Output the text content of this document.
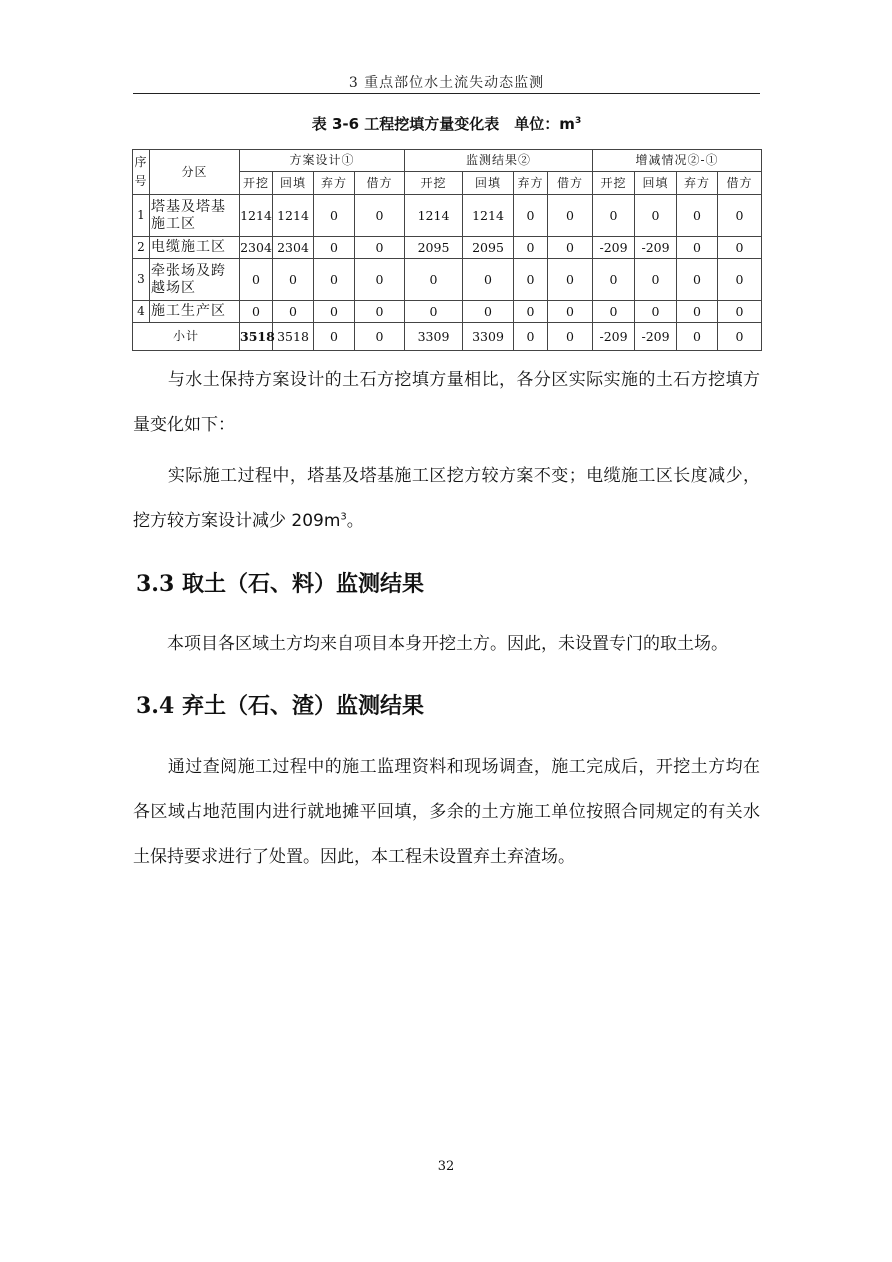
3 重点部位水土流失动态监测
表 3-6 工程挖填方量变化表　单位：$m^3$
序号	分区	方案设计①				监测结果②				增减情况②-①			
		开挖	回填	弃方	借方	开挖	回填	弃方	借方	开挖	回填	弃方	借方
1	塔基及塔基施工区	1214	1214	0	0	1214	1214	0	0	0	0	0	0
2	电缆施工区	2304	2304	0	0	2095	2095	0	0	-209	-209	0	0
3	牵张场及跨越场区	0	0	0	0	0	0	0	0	0	0	0	0
4	施工生产区	0	0	0	0	0	0	0	0	0	0	0	0
小计		3518	3518	0	0	3309	3309	0	0	-209	-209	0	0
　　与水土保持方案设计的土石方挖填方量相比，各分区实际实施的土石方挖填方量变化如下：
　　实际施工过程中，塔基及塔基施工区挖方较方案不变；电缆施工区长度减少，挖方较方案设计减少 $209m^3$。
3.3 取土（石、料）监测结果
　　本项目各区域土方均来自项目本身开挖土方。因此，未设置专门的取土场。
3.4 弃土（石、渣）监测结果
　　通过查阅施工过程中的施工监理资料和现场调查，施工完成后，开挖土方均在各区域占地范围内进行就地摊平回填，多余的土方施工单位按照合同规定的有关水土保持要求进行了处置。因此，本工程未设置弃土弃渣场。
32
